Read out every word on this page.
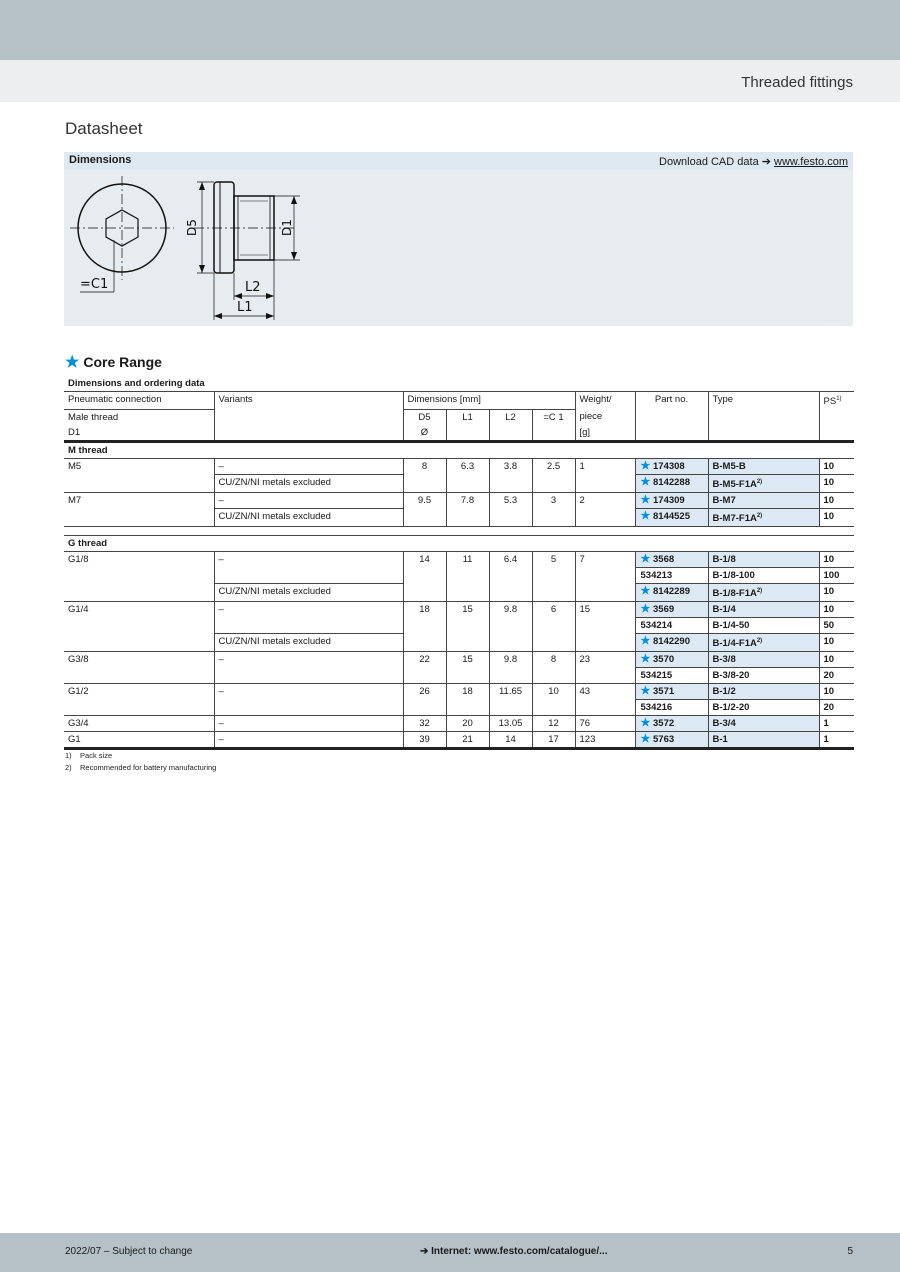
Threaded fittings
Datasheet
Dimensions	Download CAD data ➔ www.festo.com
=C1
D5	D1
L2
L1
★ Core Range
Dimensions and ordering data									
Pneumatic connection	Variants	Dimensions [mm]				Weight/	Part no.	Type	PS$^{1)}$
Male thread		D5	L1	L2	=C 1	piece			
D1		Ø				[g]			
M thread									
M5	–	8	6.3	3.8	2.5	1	★ 174308	B-M5-B	10
	CU/ZN/NI metals excluded						★ 8142288	$B-M5-F1A^{2)}$	10
M7	–	9.5	7.8	5.3	3	2	★ 174309	B-M7	10
	CU/ZN/NI metals excluded						★ 8144525	$B-M7-F1A^{2)}$	10

G thread									
G1/8	–	14	11	6.4	5	7	★ 3568	B-1/8	10
							534213	B-1/8-100	100
	CU/ZN/NI metals excluded						★ 8142289	$B-1/8-F1A^{2)}$	10
G1/4	–	18	15	9.8	6	15	★ 3569	B-1/4	10
							534214	B-1/4-50	50
	CU/ZN/NI metals excluded						★ 8142290	$B-1/4-F1A^{2)}$	10
G3/8	–	22	15	9.8	8	23	★ 3570	B-3/8	10
							534215	B-3/8-20	20
G1/2	–	26	18	11.65	10	43	★ 3571	B-1/2	10
							534216	B-1/2-20	20
G3/4	–	32	20	13.05	12	76	★ 3572	B-3/4	1
G1	–	39	21	14	17	123	★ 5763	B-1	1
1) Pack size
2) Recommended for battery manufacturing
2022/07 – Subject to change	➔ Internet: www.festo.com/catalogue/...	5
